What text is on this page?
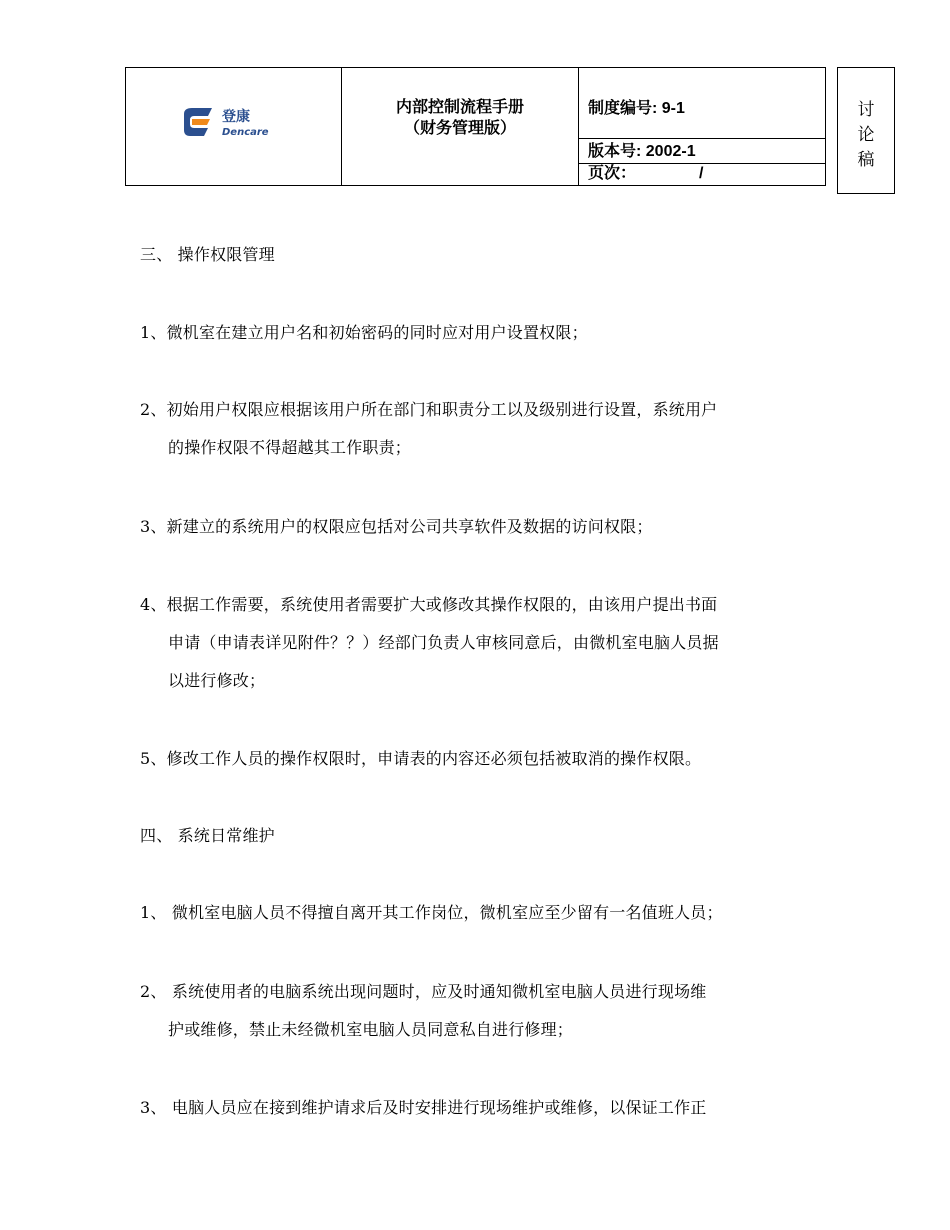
登康
Dencare
内部控制流程手册
（财务管理版）
制度编号: 9-1
版本号: 2002-1
页次：	/
讨
论
稿
三、 操作权限管理
1、微机室在建立用户名和初始密码的同时应对用户设置权限；
2、初始用户权限应根据该用户所在部门和职责分工以及级别进行设置，系统用户
的操作权限不得超越其工作职责；
3、新建立的系统用户的权限应包括对公司共享软件及数据的访问权限；
4、根据工作需要，系统使用者需要扩大或修改其操作权限的，由该用户提出书面
申请（申请表详见附件？？）经部门负责人审核同意后，由微机室电脑人员据
以进行修改；
5、修改工作人员的操作权限时，申请表的内容还必须包括被取消的操作权限。
四、 系统日常维护
1、 微机室电脑人员不得擅自离开其工作岗位，微机室应至少留有一名值班人员；
2、 系统使用者的电脑系统出现问题时，应及时通知微机室电脑人员进行现场维
护或维修，禁止未经微机室电脑人员同意私自进行修理；
3、 电脑人员应在接到维护请求后及时安排进行现场维护或维修，以保证工作正
